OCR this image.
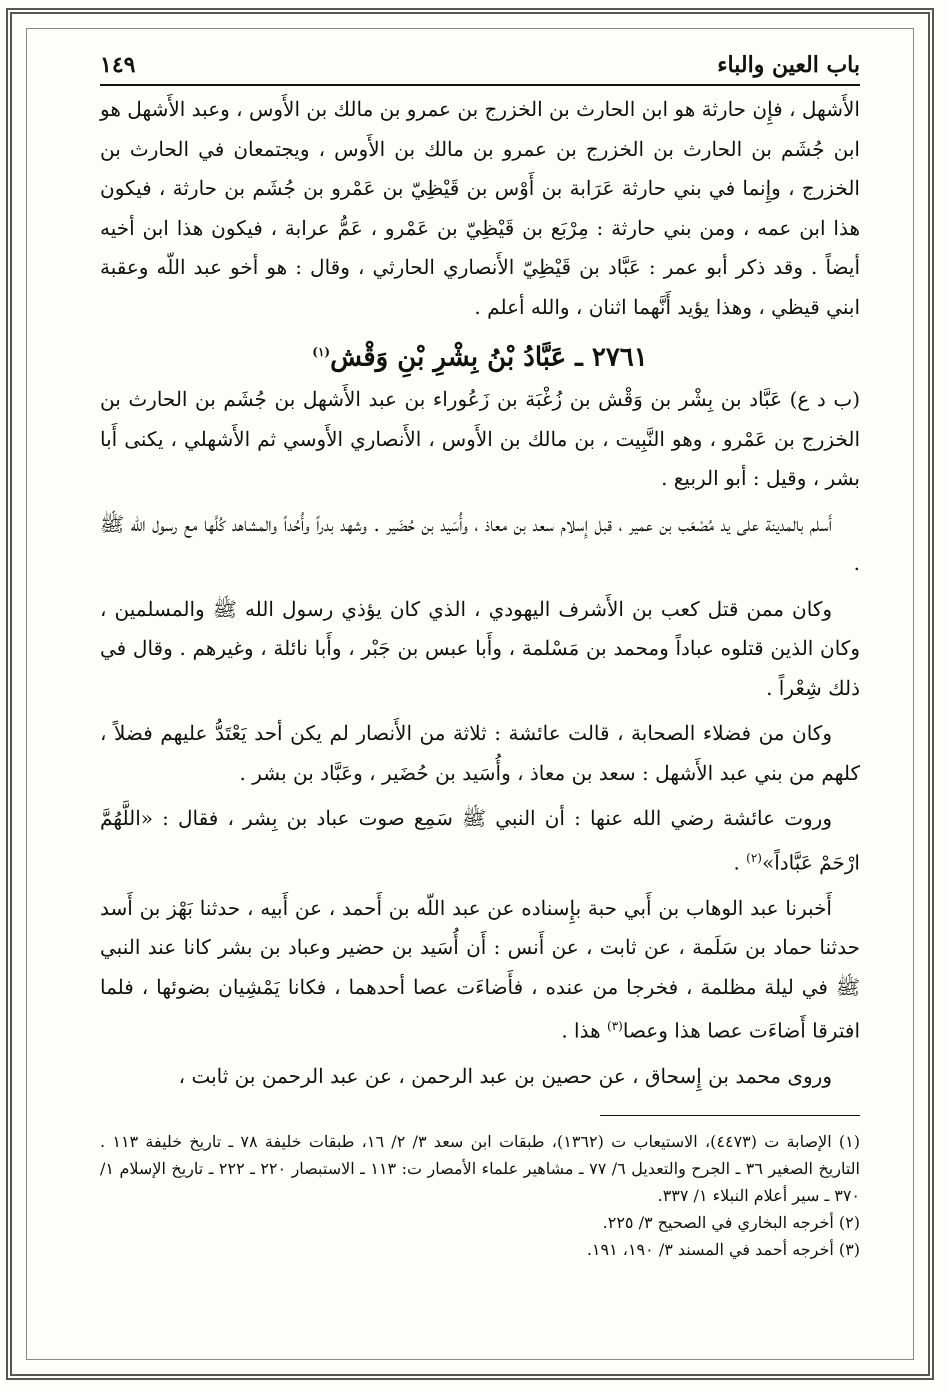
باب العين والباء
١٤٩

الأَشهل ، فإِن حارثة هو ابن الحارث بن الخزرج بن عمرو بن مالك بن الأَوس ، وعبد الأَشهل هو ابن جُشَم بن الحارث بن الخزرج بن عمرو بن مالك بن الأَوس ، ويجتمعان في الحارث بن الخزرج ، وإِنما في بني حارثة عَرَابة بن أَوْس بن قَيْظِيّ بن عَمْرو بن جُشَم بن حارثة ، فيكون هذا ابن عمه ، ومن بني حارثة : مِرْبَع بن قَيْظِيّ بن عَمْرو ، عَمُّ عرابة ، فيكون هذا ابن أخيه أيضاً . وقد ذكر أبو عمر : عَبَّاد بن قَيْظِيّ الأَنصاري الحارثي ، وقال : هو أخو عبد اللّه وعقبة ابني قيظي ، وهذا يؤيد أَنَّهما اثنان ، والله أعلم .

٢٧٦١ ـ عَبَّادُ بْنُ بِشْرِ بْنِ وَقْش$^{(١)}$

(ب د ع) عَبَّاد بن بِشْر بن وَقْش بن زُغْبَة بن زَعُوراء بن عبد الأَشهل بن جُشَم بن الحارث بن الخزرج بن عَمْرو ، وهو النَّبِيت ، بن مالك بن الأَوس ، الأَنصاري الأَوسي ثم الأَشهلي ، يكنى أَبا بشر ، وقيل : أبو الربيع .

أَسلم بالمدينة على يد مُصْعَب بن عمير ، قبل إِسلام سعد بن معاذ ، وأُسَيد بن حُضَير . وشهد بدراً وأُحُداً والمشاهد كُلَّها مع رسول الله ﷺ .

وكان ممن قتل كعب بن الأَشرف اليهودي ، الذي كان يؤذي رسول الله ﷺ والمسلمين ، وكان الذين قتلوه عباداً ومحمد بن مَسْلمة ، وأَبا عبس بن جَبْر ، وأَبا نائلة ، وغيرهم . وقال في ذلك شِعْراً .

وكان من فضلاء الصحابة ، قالت عائشة : ثلاثة من الأَنصار لم يكن أحد يَعْتَدُّ عليهم فضلاً ، كلهم من بني عبد الأَشهل : سعد بن معاذ ، وأُسَيد بن حُضَير ، وعَبَّاد بن بشر .

وروت عائشة رضي الله عنها : أن النبي ﷺ سَمِع صوت عباد بن بِشر ، فقال : «اللَّهُمَّ ارْحَمْ عَبَّاداً»$^{(٢)}$ .

أَخبرنا عبد الوهاب بن أَبي حبة بإِسناده عن عبد اللّه بن أَحمد ، عن أَبيه ، حدثنا بَهْز بن أَسد حدثنا حماد بن سَلَمة ، عن ثابت ، عن أَنس : أَن أُسَيد بن حضير وعباد بن بشر كانا عند النبي ﷺ في ليلة مظلمة ، فخرجا من عنده ، فأَضاءَت عصا أحدهما ، فكانا يَمْشِيان بضوئها ، فلما افترقا أَضاءَت عصا هذا وعصا$^{(٣)}$ هذا .

وروى محمد بن إِسحاق ، عن حصين بن عبد الرحمن ، عن عبد الرحمن بن ثابت ،

(١) الإصابة ت (٤٤٧٣)، الاستيعاب ت (١٣٦٢)، طبقات ابن سعد ٣/ ٢/ ١٦، طبقات خليفة ٧٨ ـ تاريخ خليفة ١١٣ . التاريخ الصغير ٣٦ ـ الجرح والتعديل ٦/ ٧٧ ـ مشاهير علماء الأمصار ت: ١١٣ ـ الاستبصار ٢٢٠ ـ ٢٢٢ ـ تاريخ الإسلام ١/ ٣٧٠ ـ سير أعلام النبلاء ١/ ٣٣٧.

(٢) أخرجه البخاري في الصحيح ٣/ ٢٢٥.

(٣) أخرجه أحمد في المسند ٣/ ١٩٠، ١٩١.
